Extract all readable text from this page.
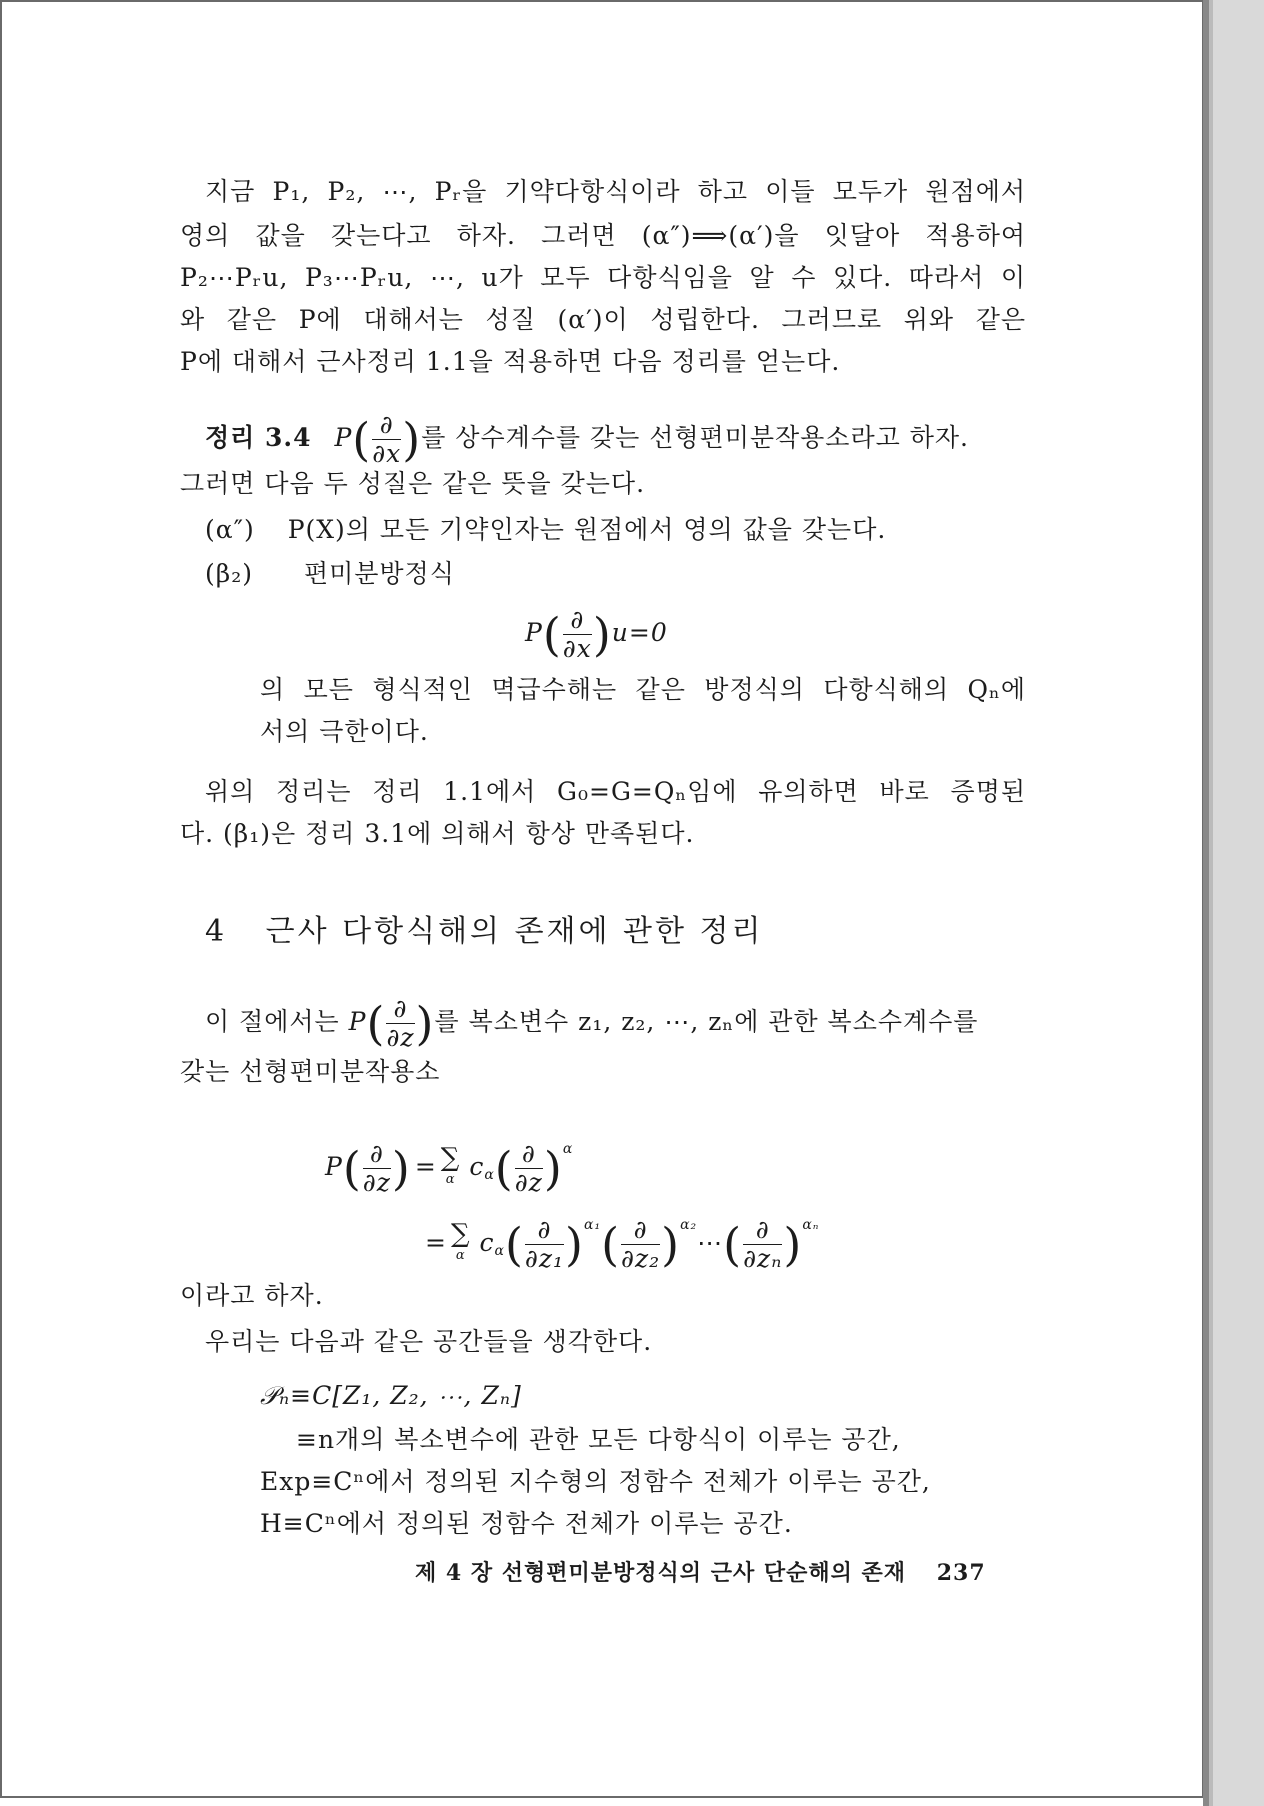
지금 P₁, P₂, ⋯, Pᵣ을 기약다항식이라 하고 이들 모두가 원점에서
영의 값을 갖는다고 하자. 그러면 (α″)⟹(α′)을 잇달아 적용하여
P₂⋯Pᵣu, P₃⋯Pᵣu, ⋯, u가 모두 다항식임을 알 수 있다. 따라서 이
와 같은 P에 대해서는 성질 (α′)이 성립한다. 그러므로 위와 같은
P에 대해서 근사정리 1.1을 적용하면 다음 정리를 얻는다.
정리 3.4 $P( \frac{\partial}{\partial x}$ )를 상수계수를 갖는 선형편미분작용소라고 하자.
그러면 다음 두 성질은 같은 뜻을 갖는다.
(α″) P(X)의 모든 기약인자는 원점에서 영의 값을 갖는다.
(β₂) 편미분방정식
$P( \frac{\partial}{\partial x} )u=0$
의 모든 형식적인 멱급수해는 같은 방정식의 다항식해의 Qₙ에
서의 극한이다.
위의 정리는 정리 1.1에서 G₀=G=Qₙ임에 유의하면 바로 증명된
다. (β₁)은 정리 3.1에 의해서 항상 만족된다.
4 근사 다항식해의 존재에 관한 정리
이 절에서는 $P( \frac{\partial}{\partial z}$ )를 복소변수 z₁, z₂, ⋯, zₙ에 관한 복소수계수를
갖는 선형편미분작용소
$P( \frac{\partial}{\partial z}$ ) = ∑
α $c_\alpha( \frac{\partial}{\partial z} )^\alpha$
= ∑
α $c_\alpha( \frac{\partial}{\text{∂z₁}} )^{\alpha_1}( \frac{\partial}{\text{∂z₂}}$ )$^{\alpha_2}\cdots( \frac{\partial}{\text{∂zₙ}} )^{\alpha_n}$
이라고 하자.
우리는 다음과 같은 공간들을 생각한다.
𝒫ₙ≡C[Z₁, Z₂, ⋯, Zₙ]
≡n개의 복소변수에 관한 모든 다항식이 이루는 공간,
Exp≡Cⁿ에서 정의된 지수형의 정함수 전체가 이루는 공간,
H≡Cⁿ에서 정의된 정함수 전체가 이루는 공간.
제 4 장 선형편미분방정식의 근사 단순해의 존재 237
